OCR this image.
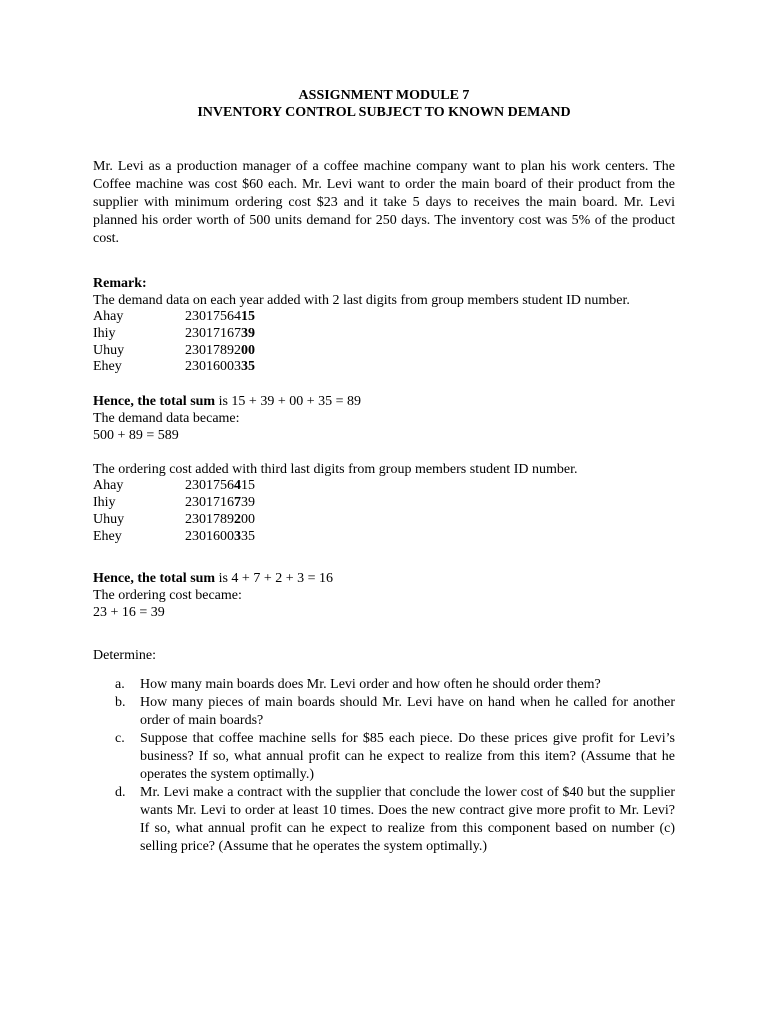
ASSIGNMENT MODULE 7

INVENTORY CONTROL SUBJECT TO KNOWN DEMAND

Mr. Levi as a production manager of a coffee machine company want to plan his work centers. The Coffee machine was cost $60 each. Mr. Levi want to order the main board of their product from the supplier with minimum ordering cost $23 and it take 5 days to receives the main board. Mr. Levi planned his order worth of 500 units demand for 250 days. The inventory cost was 5% of the product cost.

Remark:

The demand data on each year added with 2 last digits from group members student ID number.

Ahay	2301756415
Ihiy	2301716739
Uhuy	2301789200
Ehey	2301600335

Hence, the total sum is 15 + 39 + 00 + 35 = 89

The demand data became:

500 + 89 = 589

The ordering cost added with third last digits from group members student ID number.

Ahay	2301756415
Ihiy	2301716739
Uhuy	2301789200
Ehey	2301600335

Hence, the total sum is 4 + 7 + 2 + 3 = 16

The ordering cost became:

23 + 16 = 39

Determine:

a.	How many main boards does Mr. Levi order and how often he should order them?
b.	How many pieces of main boards should Mr. Levi have on hand when he called for another order of main boards?
c.	Suppose that coffee machine sells for $85 each piece. Do these prices give profit for Levi’s business? If so, what annual profit can he expect to realize from this item? (Assume that he operates the system optimally.)
d.	Mr. Levi make a contract with the supplier that conclude the lower cost of $40 but the supplier wants Mr. Levi to order at least 10 times. Does the new contract give more profit to Mr. Levi? If so, what annual profit can he expect to realize from this component based on number (c) selling price? (Assume that he operates the system optimally.)
